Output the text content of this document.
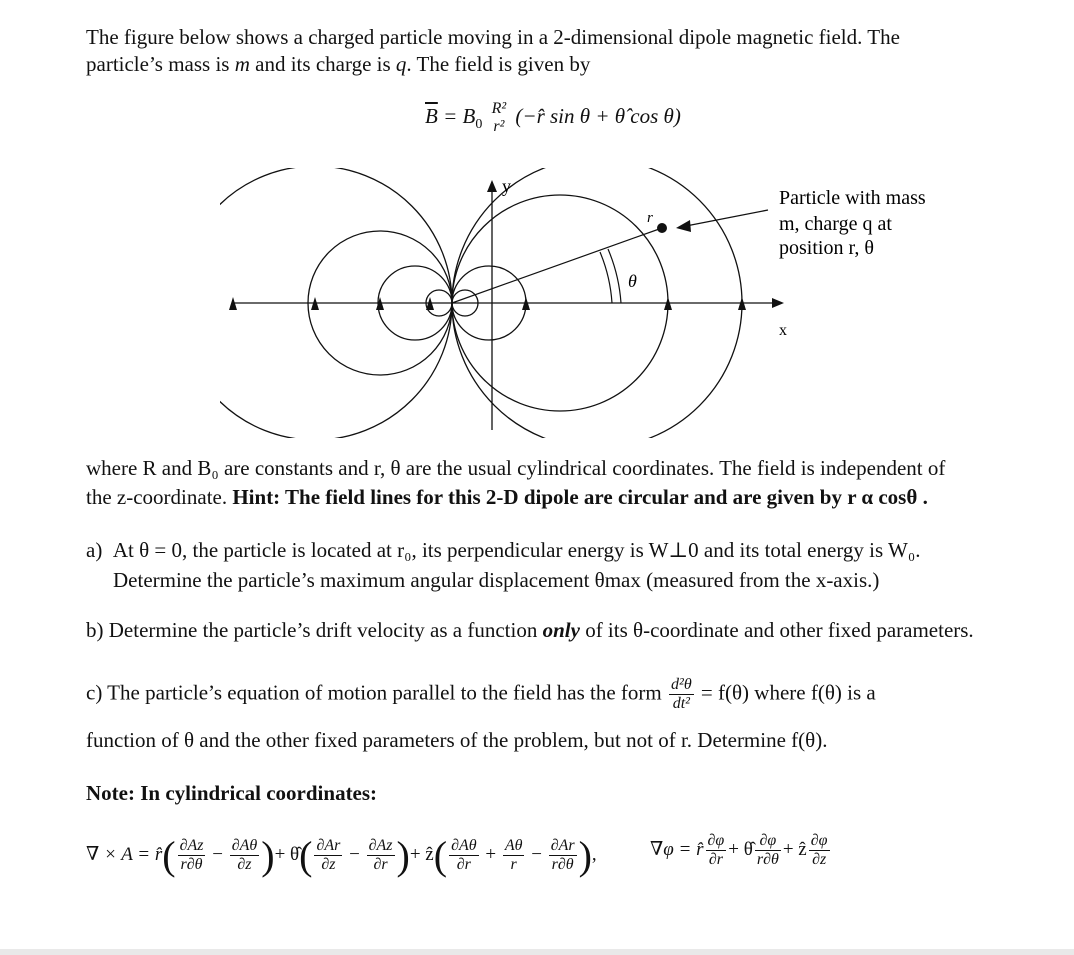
The figure below shows a charged particle moving in a 2-dimensional dipole magnetic field. The
particle’s mass is m and its charge is q. The field is given by
$\overline{B} = B_0$
R²
r² (−r̂ sin θ + θ̂ cos θ)
y
x
r
θ
Particle with mass
m, charge q at
position r, θ
where R and B₀ are constants and r, θ are the usual cylindrical coordinates. The field is independent of
the z-coordinate. Hint: The field lines for this 2-D dipole are circular and are given by r α cosθ .
a) At θ = 0, the particle is located at r₀, its perpendicular energy is W⊥0 and its total energy is W₀.
Determine the particle’s maximum angular displacement θmax (measured from the x-axis.)
b) Determine the particle’s drift velocity as a function only of its θ-coordinate and other fixed parameters.
c) The particle’s equation of motion parallel to the field has the form $\frac{\text{d²θ}}{\text{dt²}} = f(\theta)$ where f(θ) is a
function of θ and the other fixed parameters of the problem, but not of r. Determine f(θ).
Note: In cylindrical coordinates:
∇ × A = r̂( $\frac{\partial Az}{r\partial\theta} - \frac{\partial A\theta}{\partial z}$ )+ θ̂( $\frac{\partial Ar}{\partial z} - \frac{\partial Az}{\partial r}$ )+ ẑ( $\frac{\partial A\theta}{\partial r} + \frac{A\theta}{r} - \frac{\partial Ar}{r\partial\theta}$ ),	∇φ = r̂ $\frac{\partial\varphi}{\partial r}$ + θ̂ $\frac{\partial\varphi}{r\partial\theta}$ + ẑ $\frac{\partial\varphi}{\partial z}$
